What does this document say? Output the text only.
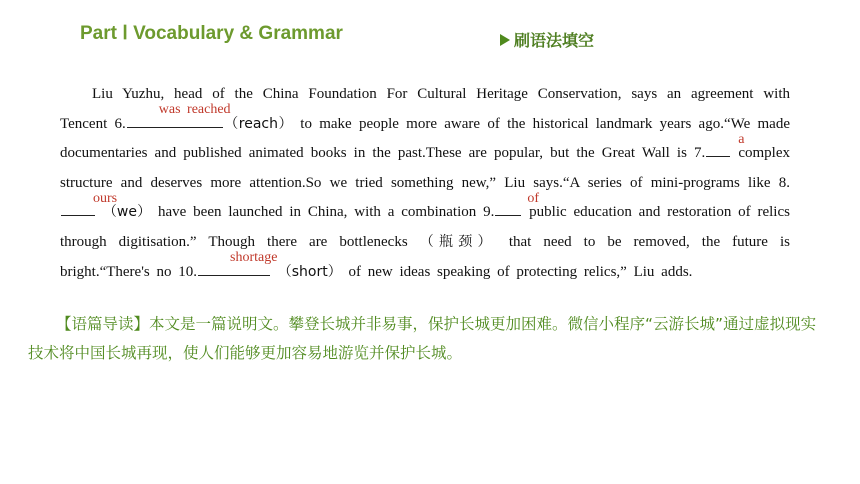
Part Ⅰ Vocabulary & Grammar	刷语法填空

Liu Yuzhu, head of the China Foundation For Cultural Heritage Conservation, says an agreement with Tencent 6.
was reached
（reach） to make people more aware of the historical landmark years ago.“We made documentaries and published animated books in the past.These are popular, but the Great Wall is 7.
a
complex structure and deserves more attention.So we tried something new,” Liu says.“A series of mini-programs like 8.
ours
（we） have been launched in China, with a combination 9.
of
public education and restoration of relics through digitisation.” Though there are bottlenecks （瓶颈） that need to be removed, the future is bright.“There's no 10.
shortage
（short） of new ideas speaking of protecting relics,” Liu adds.

【语篇导读】本文是一篇说明文。攀登长城并非易事，保护长城更加困难。微信小程序“云游长城”通过虚拟现实技术将中国长城再现，使人们能够更加容易地游览并保护长城。
